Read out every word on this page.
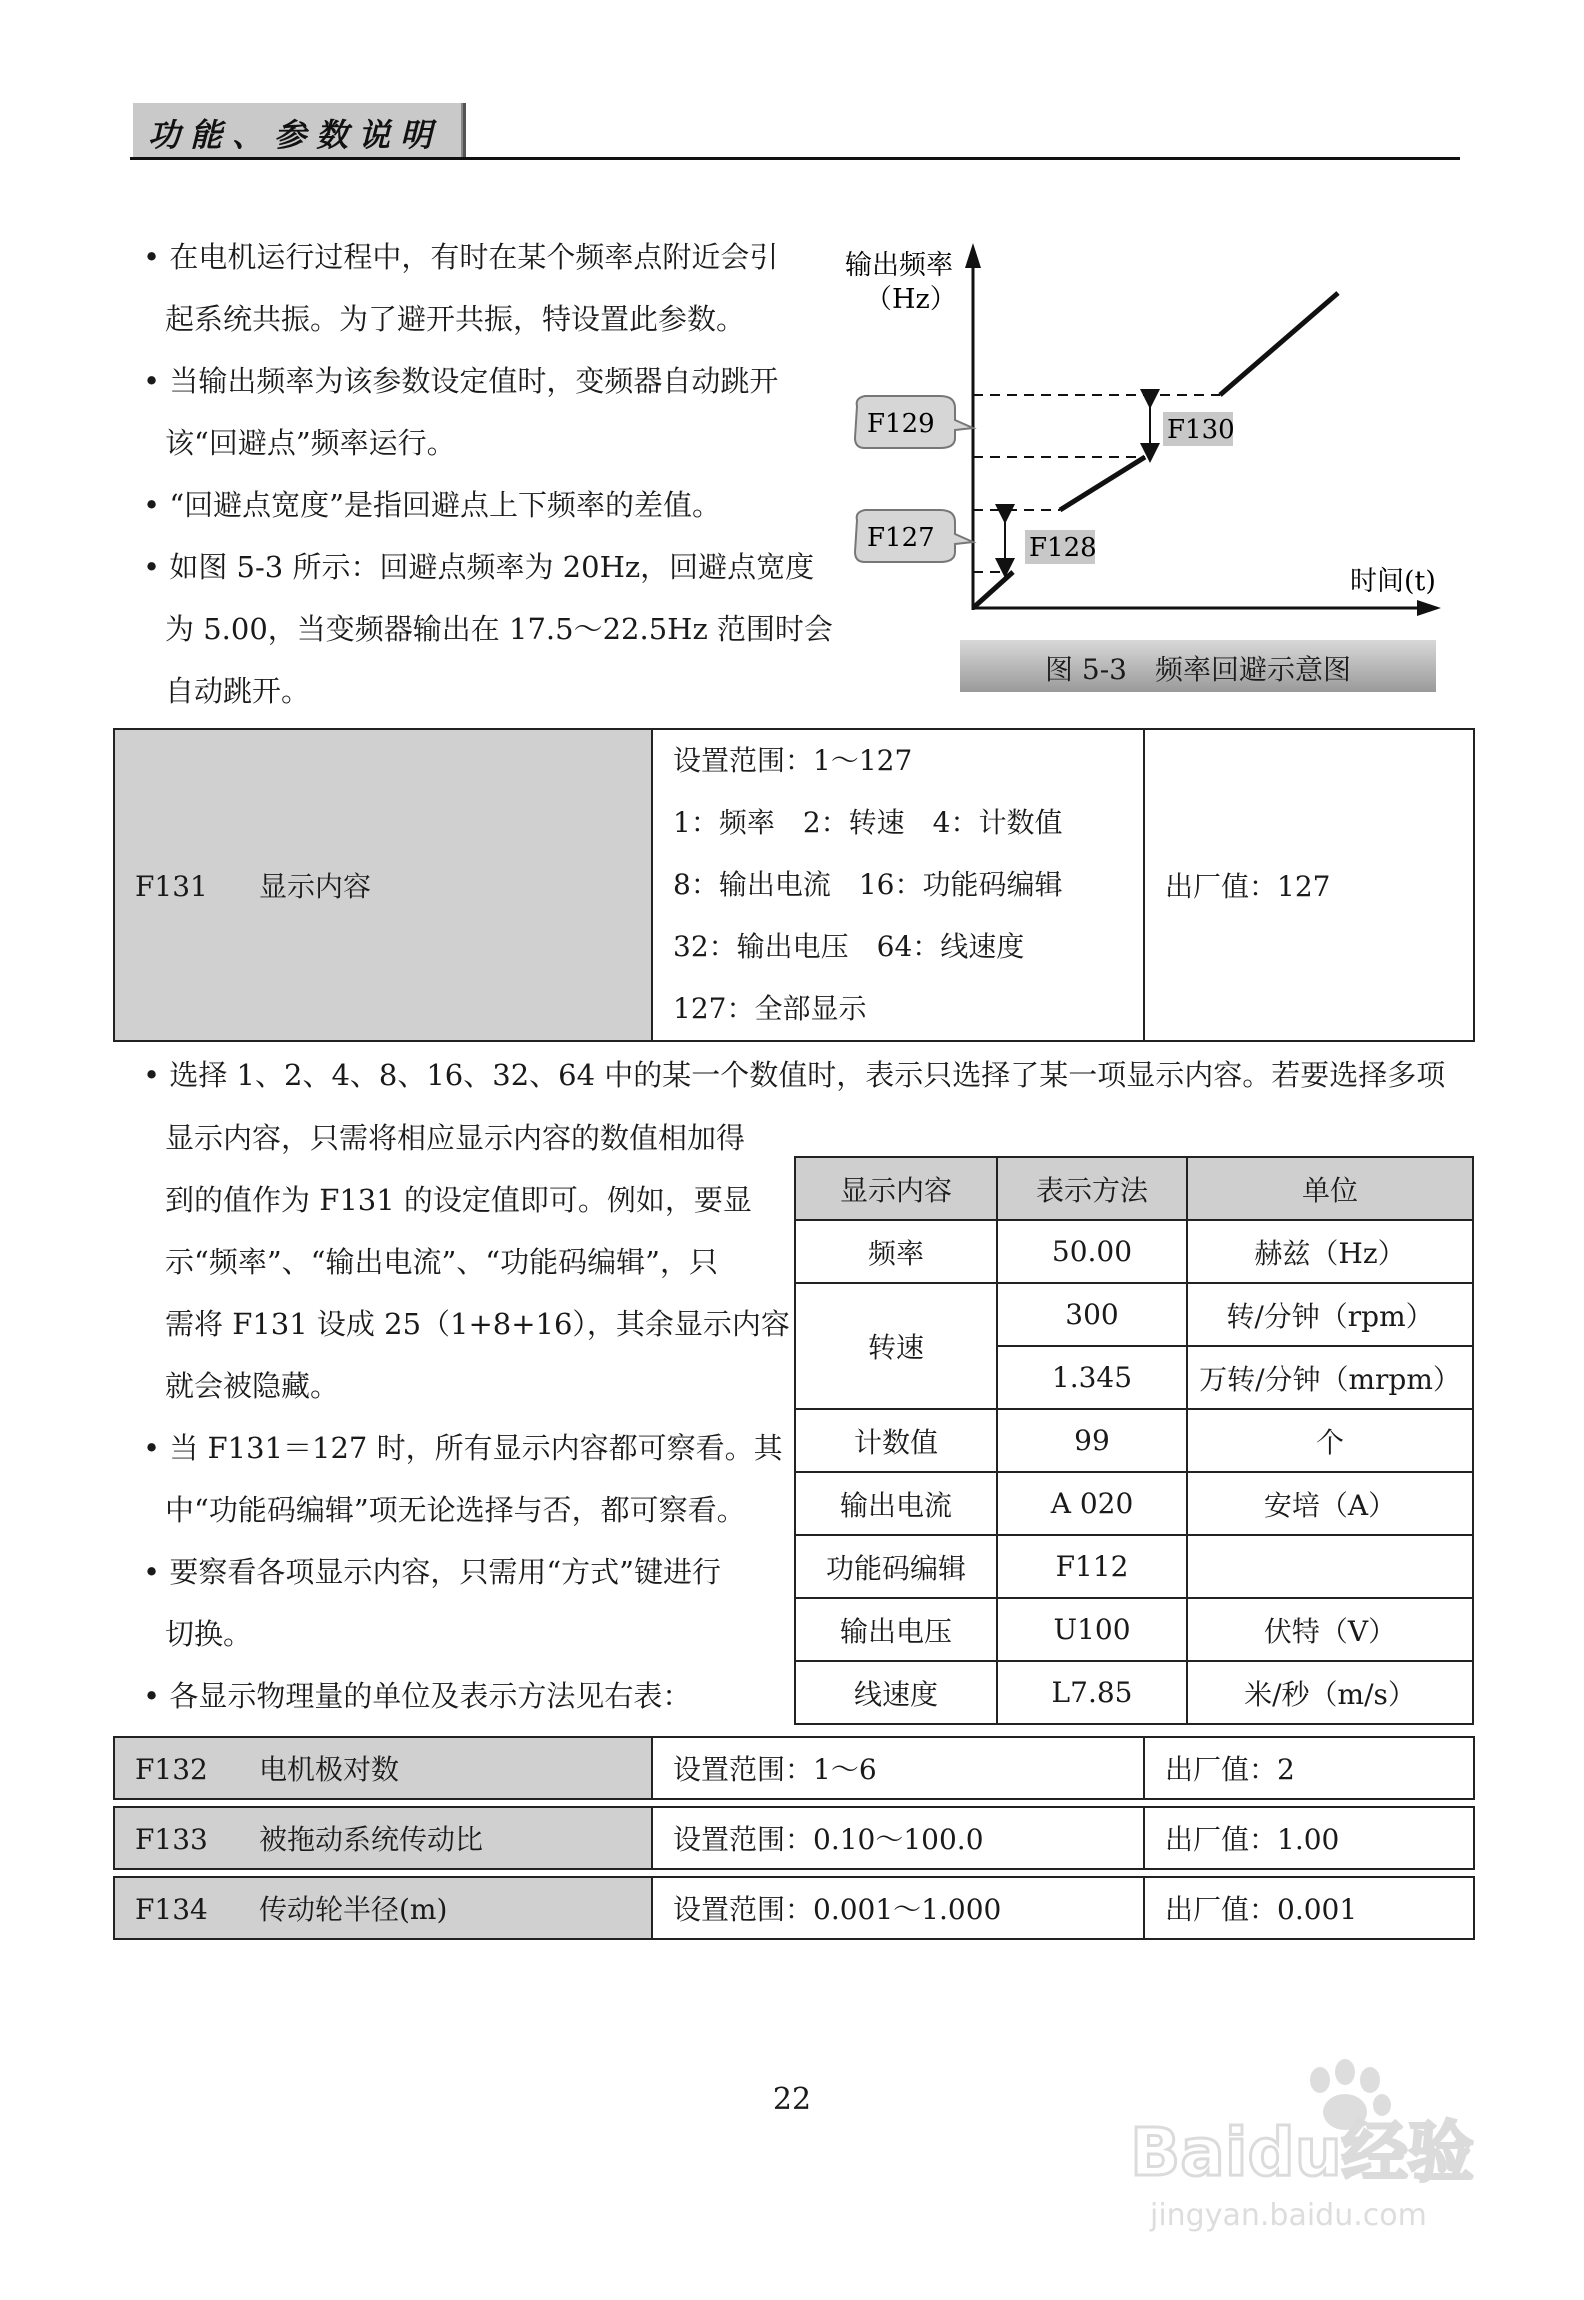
功能、参数说明
• 在电机运行过程中，有时在某个频率点附近会引
起系统共振。为了避开共振，特设置此参数。
• 当输出频率为该参数设定值时，变频器自动跳开
该“回避点”频率运行。
• “回避点宽度”是指回避点上下频率的差值。
• 如图 5-3 所示：回避点频率为 20Hz，回避点宽度
为 5.00，当变频器输出在 17.5～22.5Hz 范围时会
自动跳开。
输出频率
（Hz）
时间(t)
F129
F127
F130
F128
图 5-3　频率回避示意图
F131 显示内容	
设置范围：1～127
1：频率　2：转速　4：计数值
8：输出电流　16：功能码编辑
32：输出电压　64：线速度
127：全部显示
	出厂值：127
• 选择 1、2、4、8、16、32、64 中的某一个数值时，表示只选择了某一项显示内容。若要选择多项
显示内容，只需将相应显示内容的数值相加得
到的值作为 F131 的设定值即可。例如，要显
示“频率”、“输出电流”、“功能码编辑”，只
需将 F131 设成 25（1+8+16），其余显示内容
就会被隐藏。
• 当 F131＝127 时，所有显示内容都可察看。其
中“功能码编辑”项无论选择与否，都可察看。
• 要察看各项显示内容，只需用“方式”键进行
切换。
• 各显示物理量的单位及表示方法见右表：
显示内容	表示方法	单位
频率	50.00	赫兹（Hz）
转速	300	转/分钟（rpm）
	1.345	万转/分钟（mrpm）
计数值	99	个
输出电流	A 020	安培（A）
功能码编辑	F112	
输出电压	U100	伏特（V）
线速度	L7.85	米/秒（m/s）
F132 电机极对数	设置范围：1～6	出厂值：2
F133 被拖动系统传动比	设置范围：0.10～100.0	出厂值：1.00
F134 传动轮半径(m)	设置范围：0.001～1.000	出厂值：0.001
22
Baidu经验
jingyan.baidu.com
